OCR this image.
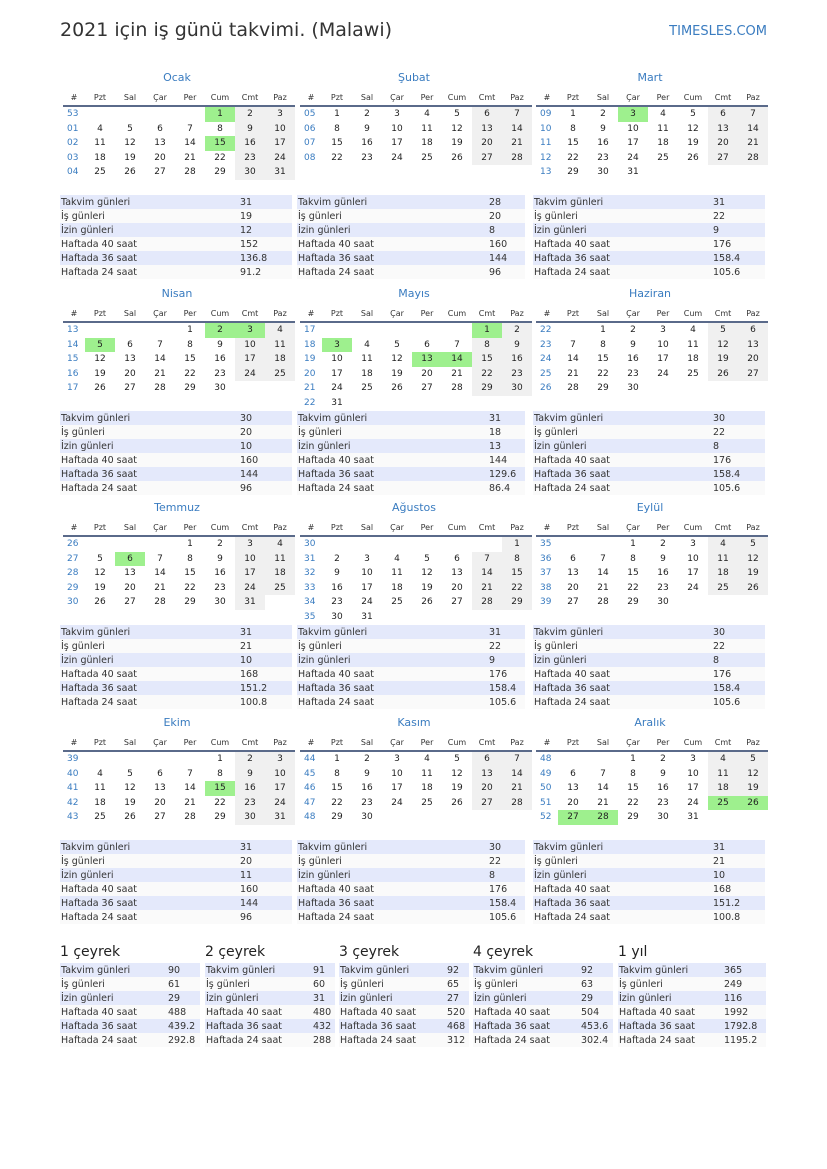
2021 için iş günü takvimi. (Malawi)	TIMESLES.COM
Ocak
#	Pzt	Sal	Çar	Per	Cum	Cmt	Paz
53					1	2	3
01	4	5	6	7	8	9	10
02	11	12	13	14	15	16	17
03	18	19	20	21	22	23	24
04	25	26	27	28	29	30	31
Takvim günleri	31
İş günleri	19
İzin günleri	12
Haftada 40 saat	152
Haftada 36 saat	136.8
Haftada 24 saat	91.2
Şubat
#	Pzt	Sal	Çar	Per	Cum	Cmt	Paz
05	1	2	3	4	5	6	7
06	8	9	10	11	12	13	14
07	15	16	17	18	19	20	21
08	22	23	24	25	26	27	28
Takvim günleri	28
İş günleri	20
İzin günleri	8
Haftada 40 saat	160
Haftada 36 saat	144
Haftada 24 saat	96
Mart
#	Pzt	Sal	Çar	Per	Cum	Cmt	Paz
09	1	2	3	4	5	6	7
10	8	9	10	11	12	13	14
11	15	16	17	18	19	20	21
12	22	23	24	25	26	27	28
13	29	30	31				
Takvim günleri	31
İş günleri	22
İzin günleri	9
Haftada 40 saat	176
Haftada 36 saat	158.4
Haftada 24 saat	105.6
Nisan
#	Pzt	Sal	Çar	Per	Cum	Cmt	Paz
13				1	2	3	4
14	5	6	7	8	9	10	11
15	12	13	14	15	16	17	18
16	19	20	21	22	23	24	25
17	26	27	28	29	30		
Takvim günleri	30
İş günleri	20
İzin günleri	10
Haftada 40 saat	160
Haftada 36 saat	144
Haftada 24 saat	96
Mayıs
#	Pzt	Sal	Çar	Per	Cum	Cmt	Paz
17						1	2
18	3	4	5	6	7	8	9
19	10	11	12	13	14	15	16
20	17	18	19	20	21	22	23
21	24	25	26	27	28	29	30
22	31						
Takvim günleri	31
İş günleri	18
İzin günleri	13
Haftada 40 saat	144
Haftada 36 saat	129.6
Haftada 24 saat	86.4
Haziran
#	Pzt	Sal	Çar	Per	Cum	Cmt	Paz
22		1	2	3	4	5	6
23	7	8	9	10	11	12	13
24	14	15	16	17	18	19	20
25	21	22	23	24	25	26	27
26	28	29	30				
Takvim günleri	30
İş günleri	22
İzin günleri	8
Haftada 40 saat	176
Haftada 36 saat	158.4
Haftada 24 saat	105.6
Temmuz
#	Pzt	Sal	Çar	Per	Cum	Cmt	Paz
26				1	2	3	4
27	5	6	7	8	9	10	11
28	12	13	14	15	16	17	18
29	19	20	21	22	23	24	25
30	26	27	28	29	30	31	
Takvim günleri	31
İş günleri	21
İzin günleri	10
Haftada 40 saat	168
Haftada 36 saat	151.2
Haftada 24 saat	100.8
Ağustos
#	Pzt	Sal	Çar	Per	Cum	Cmt	Paz
30							1
31	2	3	4	5	6	7	8
32	9	10	11	12	13	14	15
33	16	17	18	19	20	21	22
34	23	24	25	26	27	28	29
35	30	31					
Takvim günleri	31
İş günleri	22
İzin günleri	9
Haftada 40 saat	176
Haftada 36 saat	158.4
Haftada 24 saat	105.6
Eylül
#	Pzt	Sal	Çar	Per	Cum	Cmt	Paz
35			1	2	3	4	5
36	6	7	8	9	10	11	12
37	13	14	15	16	17	18	19
38	20	21	22	23	24	25	26
39	27	28	29	30			
Takvim günleri	30
İş günleri	22
İzin günleri	8
Haftada 40 saat	176
Haftada 36 saat	158.4
Haftada 24 saat	105.6
Ekim
#	Pzt	Sal	Çar	Per	Cum	Cmt	Paz
39					1	2	3
40	4	5	6	7	8	9	10
41	11	12	13	14	15	16	17
42	18	19	20	21	22	23	24
43	25	26	27	28	29	30	31
Takvim günleri	31
İş günleri	20
İzin günleri	11
Haftada 40 saat	160
Haftada 36 saat	144
Haftada 24 saat	96
Kasım
#	Pzt	Sal	Çar	Per	Cum	Cmt	Paz
44	1	2	3	4	5	6	7
45	8	9	10	11	12	13	14
46	15	16	17	18	19	20	21
47	22	23	24	25	26	27	28
48	29	30					
Takvim günleri	30
İş günleri	22
İzin günleri	8
Haftada 40 saat	176
Haftada 36 saat	158.4
Haftada 24 saat	105.6
Aralık
#	Pzt	Sal	Çar	Per	Cum	Cmt	Paz
48			1	2	3	4	5
49	6	7	8	9	10	11	12
50	13	14	15	16	17	18	19
51	20	21	22	23	24	25	26
52	27	28	29	30	31		
Takvim günleri	31
İş günleri	21
İzin günleri	10
Haftada 40 saat	168
Haftada 36 saat	151.2
Haftada 24 saat	100.8
1 çeyrek
Takvim günleri	90
İş günleri	61
İzin günleri	29
Haftada 40 saat	488
Haftada 36 saat	439.2
Haftada 24 saat	292.8
2 çeyrek
Takvim günleri	91
İş günleri	60
İzin günleri	31
Haftada 40 saat	480
Haftada 36 saat	432
Haftada 24 saat	288
3 çeyrek
Takvim günleri	92
İş günleri	65
İzin günleri	27
Haftada 40 saat	520
Haftada 36 saat	468
Haftada 24 saat	312
4 çeyrek
Takvim günleri	92
İş günleri	63
İzin günleri	29
Haftada 40 saat	504
Haftada 36 saat	453.6
Haftada 24 saat	302.4
1 yıl
Takvim günleri	365
İş günleri	249
İzin günleri	116
Haftada 40 saat	1992
Haftada 36 saat	1792.8
Haftada 24 saat	1195.2
